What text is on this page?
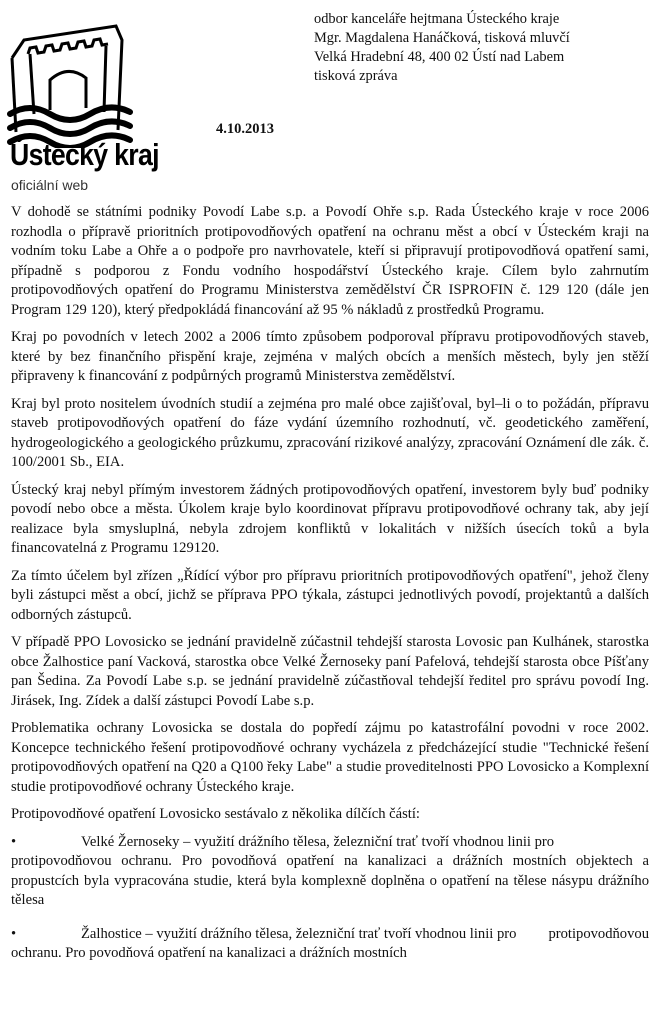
Ústecký kraj
oficiální web
odbor kanceláře hejtmana Ústeckého kraje
Mgr. Magdalena Hanáčková, tisková mluvčí
Velká Hradební 48, 400 02 Ústí nad Labem
tisková zpráva
4.10.2013

V dohodě se státními podniky Povodí Labe s.p. a Povodí Ohře s.p. Rada Ústeckého kraje v roce 2006 rozhodla o přípravě prioritních protipovodňových opatření na ochranu měst a obcí v Ústeckém kraji na vodním toku Labe a Ohře a o podpoře pro navrhovatele, kteří si připravují protipovodňová opatření sami, případně s podporou z Fondu vodního hospodářství Ústeckého kraje. Cílem bylo zahrnutím protipovodňových opatření do Programu Ministerstva zemědělství ČR ISPROFIN č. 129 120 (dále jen Program 129 120), který předpokládá financování až 95 % nákladů z prostředků Programu.

Kraj po povodních v letech 2002 a 2006 tímto způsobem podporoval přípravu protipovodňových staveb, které by bez finančního přispění kraje, zejména v malých obcích a menších městech, byly jen stěží připraveny k financování z podpůrných programů Ministerstva zemědělství.

Kraj byl proto nositelem úvodních studií a zejména pro malé obce zajišťoval, byl–li o to požádán, přípravu staveb protipovodňových opatření do fáze vydání územního rozhodnutí, vč. geodetického zaměření, hydrogeologického a geologického průzkumu, zpracování rizikové analýzy, zpracování Oznámení dle zák. č. 100/2001 Sb., EIA.

Ústecký kraj nebyl přímým investorem žádných protipovodňových opatření, investorem byly buď podniky povodí nebo obce a města. Úkolem kraje bylo koordinovat přípravu protipovodňové ochrany tak, aby její realizace byla smysluplná, nebyla zdrojem konfliktů v lokalitách v nižších úsecích toků a byla financovatelná z Programu 129120.

Za tímto účelem byl zřízen „Řídící výbor pro přípravu prioritních protipovodňových opatření", jehož členy byli zástupci měst a obcí, jichž se příprava PPO týkala, zástupci jednotlivých povodí, projektantů a dalších odborných zástupců.

V případě PPO Lovosicko se jednání pravidelně zúčastnil tehdejší starosta Lovosic pan Kulhánek, starostka obce Žalhostice paní Vacková, starostka obce Velké Žernoseky paní Pafelová, tehdejší starosta obce Píšťany pan Šedina. Za Povodí Labe s.p. se jednání pravidelně zúčastňoval tehdejší ředitel pro správu povodí Ing. Jirásek, Ing. Zídek a další zástupci Povodí Labe s.p.

Problematika ochrany Lovosicka se dostala do popředí zájmu po katastrofální povodni v roce 2002. Koncepce technického řešení protipovodňové ochrany vycházela z předcházející studie "Technické řešení protipovodňových opatření na Q20 a Q100 řeky Labe" a studie proveditelnosti PPO Lovosicko a Komplexní studie protipovodňové ochrany Ústeckého kraje.

Protipovodňové opatření Lovosicko sestávalo z několika dílčích částí:

•	Velké Žernoseky – využití drážního tělesa, železniční trať tvoří vhodnou linii pro protipovodňovou ochranu. Pro povodňová opatření na kanalizaci a drážních mostních objektech a propustcích byla vypracována studie, která byla komplexně doplněna o opatření na tělese násypu drážního tělesa
•	Žalhostice – využití drážního tělesa, železniční trať tvoří vhodnou linii pro protipovodňovou ochranu. Pro povodňová opatření na kanalizaci a drážních mostních
